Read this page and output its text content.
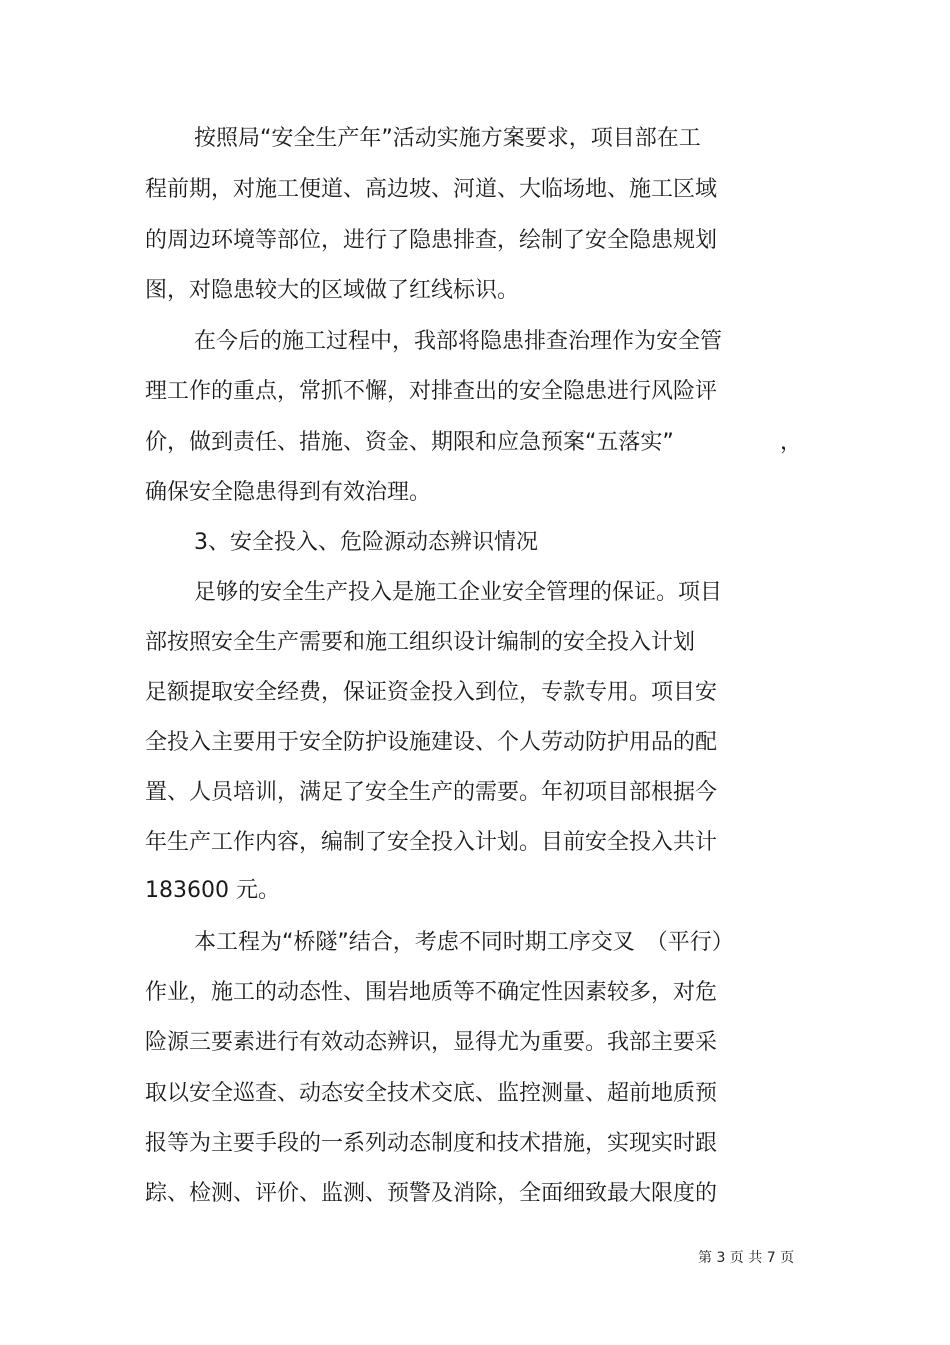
按照局“安全生产年”活动实施方案要求，项目部在工
程前期，对施工便道、高边坡、河道、大临场地、施工区域
的周边环境等部位，进行了隐患排查，绘制了安全隐患规划
图，对隐患较大的区域做了红线标识。
在今后的施工过程中，我部将隐患排查治理作为安全管
理工作的重点，常抓不懈，对排查出的安全隐患进行风险评
价，做到责任、措施、资金、期限和应急预案“五落实”	，
确保安全隐患得到有效治理。
3、安全投入、危险源动态辨识情况
足够的安全生产投入是施工企业安全管理的保证。项目
部按照安全生产需要和施工组织设计编制的安全投入计划
足额提取安全经费，保证资金投入到位，专款专用。项目安
全投入主要用于安全防护设施建设、个人劳动防护用品的配
置、人员培训，满足了安全生产的需要。年初项目部根据今
年生产工作内容，编制了安全投入计划。目前安全投入共计
183600 元。
本工程为“桥隧”结合，考虑不同时期工序交叉　（平行）
作业，施工的动态性、围岩地质等不确定性因素较多，对危
险源三要素进行有效动态辨识，显得尤为重要。我部主要采
取以安全巡查、动态安全技术交底、监控测量、超前地质预
报等为主要手段的一系列动态制度和技术措施，实现实时跟
踪、检测、评价、监测、预警及消除，全面细致最大限度的
第 3 页 共 7 页
